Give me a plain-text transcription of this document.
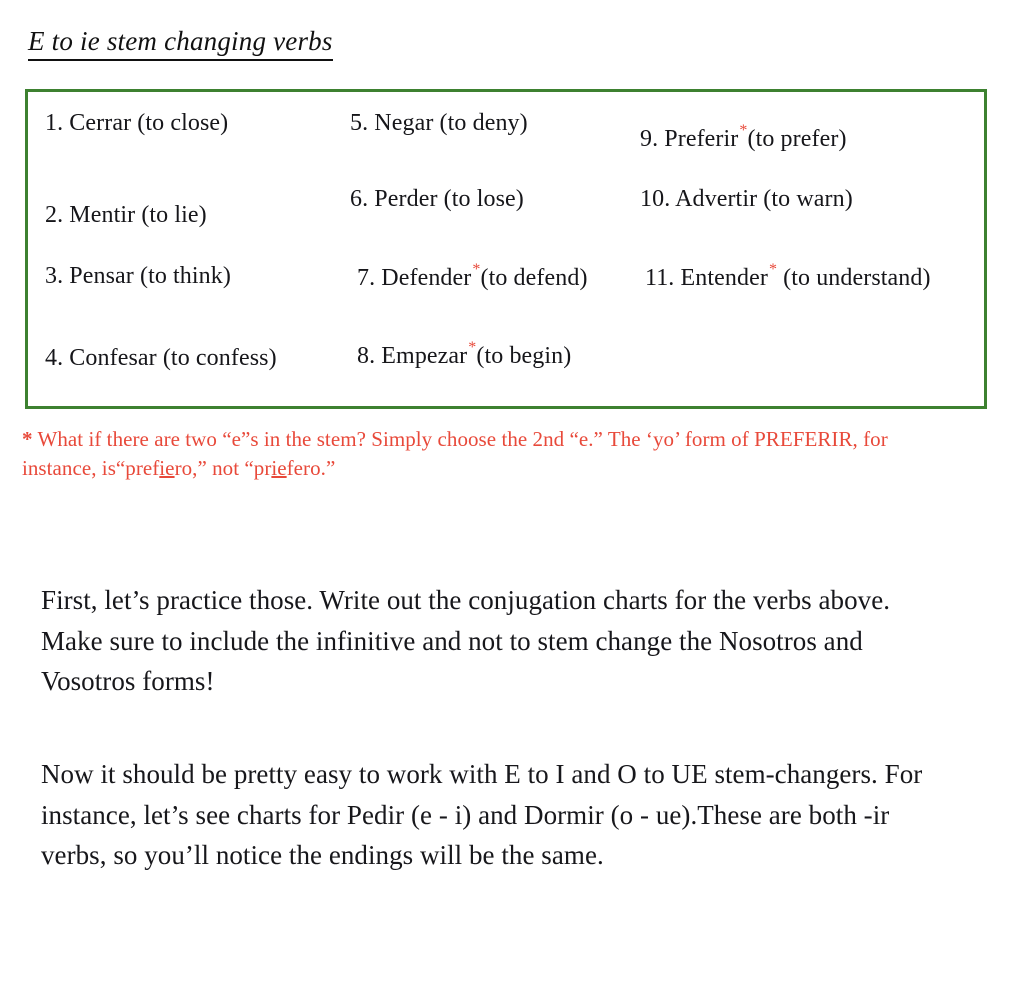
E to ie stem changing verbs
1. Cerrar (to close)
2. Mentir (to lie)
3. Pensar (to think)
4. Confesar (to confess)
5. Negar (to deny)
6. Perder (to lose)
7. Defender*(to defend)
8. Empezar*(to begin)
9. Preferir*(to prefer)
10. Advertir (to warn)
11. Entender* (to understand)
* What if there are two “e”s in the stem? Simply choose the 2nd “e.” The ‘yo’ form of PREFERIR, for instance, is“prefiero,” not “priefero.”
First, let’s practice those. Write out the conjugation charts for the verbs above. Make sure to include the infinitive and not to stem change the Nosotros and Vosotros forms!
Now it should be pretty easy to work with E to I and O to UE stem-changers. For instance, let’s see charts for Pedir (e - i) and Dormir (o - ue).These are both -ir verbs, so you’ll notice the endings will be the same.
